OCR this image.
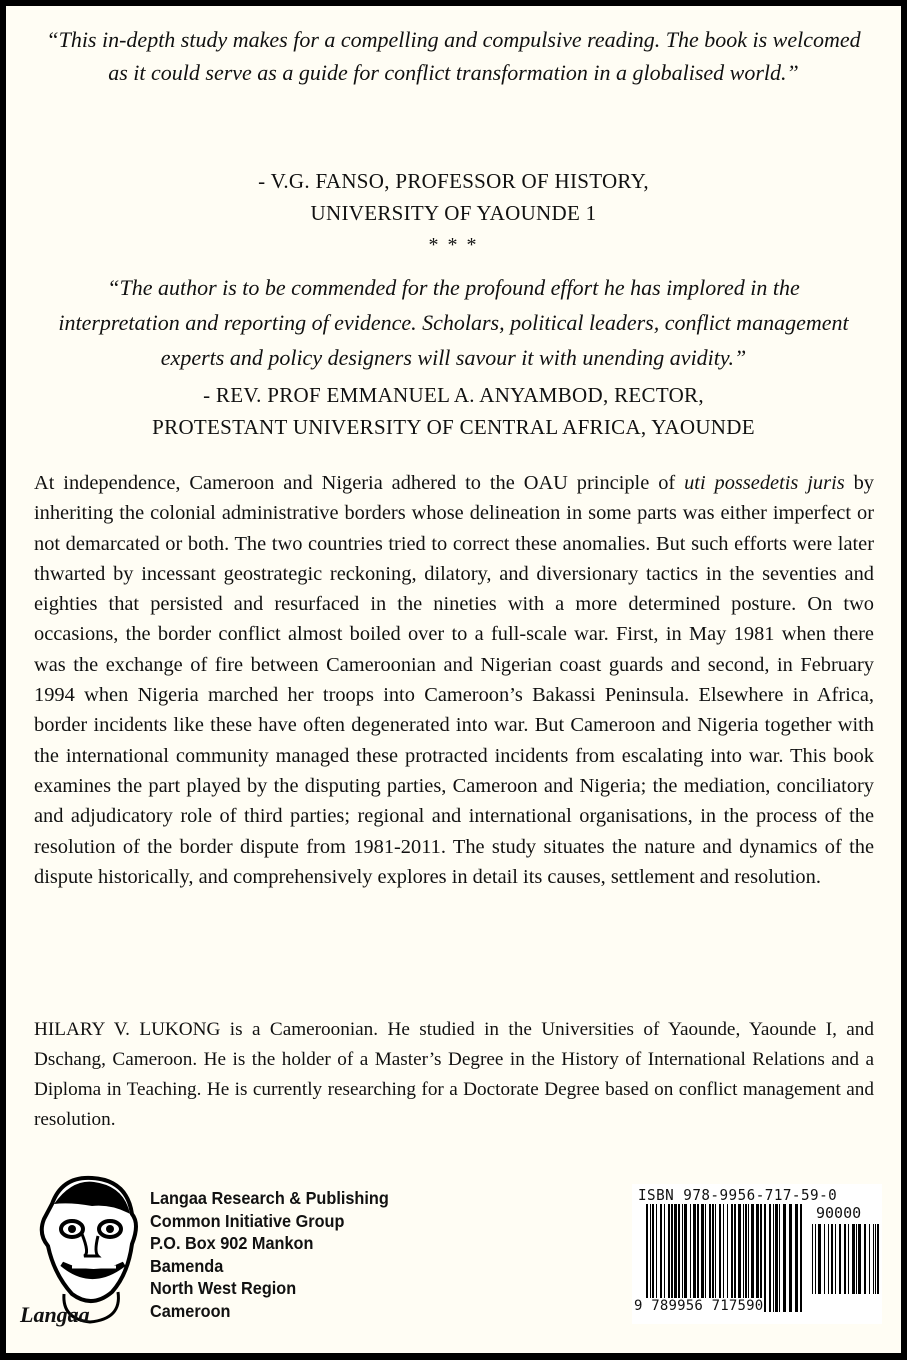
“This in-depth study makes for a compelling and compulsive reading. The book is welcomed as it could serve as a guide for conflict transformation in a globalised world.”
- V.G. FANSO, PROFESSOR OF HISTORY,
UNIVERSITY OF YAOUNDE 1
* * *
“The author is to be commended for the profound effort he has implored in the interpretation and reporting of evidence. Scholars, political leaders, conflict management experts and policy designers will savour it with unending avidity.”
- REV. PROF EMMANUEL A. ANYAMBOD, RECTOR,
PROTESTANT UNIVERSITY OF CENTRAL AFRICA, YAOUNDE

At independence, Cameroon and Nigeria adhered to the OAU principle of uti possedetis juris by inheriting the colonial administrative borders whose delineation in some parts was either imperfect or not demarcated or both. The two countries tried to correct these anomalies. But such efforts were later thwarted by incessant geostrategic reckoning, dilatory, and diversionary tactics in the seventies and eighties that persisted and resurfaced in the nineties with a more determined posture. On two occasions, the border conflict almost boiled over to a full-scale war. First, in May 1981 when there was the exchange of fire between Cameroonian and Nigerian coast guards and second, in February 1994 when Nigeria marched her troops into Cameroon’s Bakassi Peninsula. Elsewhere in Africa, border incidents like these have often degenerated into war. But Cameroon and Nigeria together with the international community managed these protracted incidents from escalating into war. This book examines the part played by the disputing parties, Cameroon and Nigeria; the mediation, conciliatory and adjudicatory role of third parties; regional and international organisations, in the process of the resolution of the border dispute from 1981-2011. The study situates the nature and dynamics of the dispute historically, and comprehensively explores in detail its causes, settlement and resolution.

HILARY V. LUKONG is a Cameroonian. He studied in the Universities of Yaounde, Yaounde I, and Dschang, Cameroon. He is the holder of a Master’s Degree in the History of International Relations and a Diploma in Teaching. He is currently researching for a Doctorate Degree based on conflict management and resolution.

Langaa
Langaa Research & Publishing
Common Initiative Group
P.O. Box 902 Mankon
Bamenda
North West Region
Cameroon
ISBN 978-9956-717-59-0
90000
9 789956 717590
